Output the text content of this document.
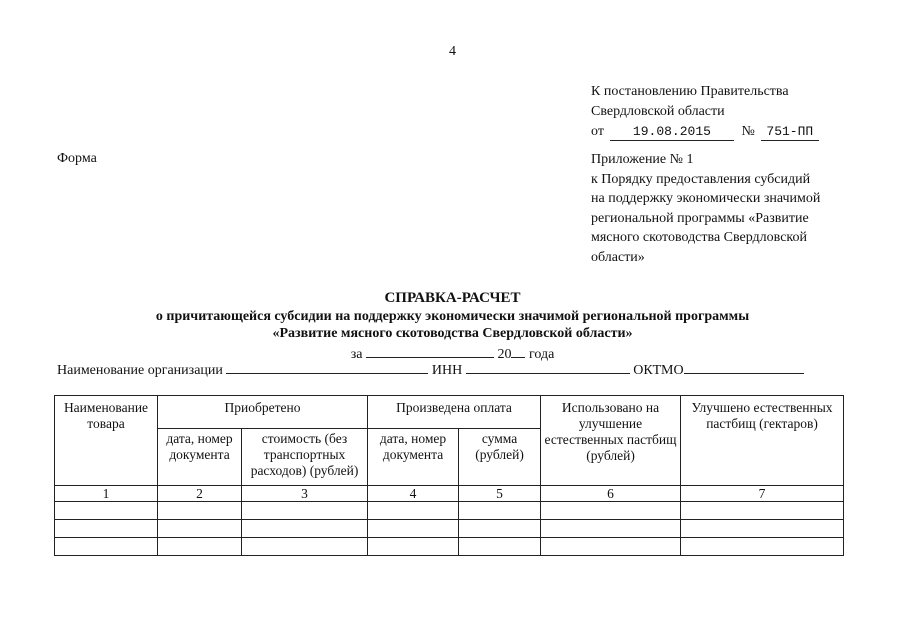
4
К постановлению Правительства
Свердловской области
от 19.08.2015 № 751-ПП
Форма	Приложение № 1
к Порядку предоставления субсидий
на поддержку экономически значимой
региональной программы «Развитие
мясного скотоводства Свердловской
области»
СПРАВКА-РАСЧЕТ
о причитающейся субсидии на поддержку экономически значимой региональной программы
«Развитие мясного скотоводства Свердловской области»
за	20 года
Наименование организации	ИНН	ОКТМО
Наименование товара	Приобретено		Произведена оплата		Использовано на улучшение естественных пастбищ (рублей)	Улучшено естественных пастбищ (гектаров)
	дата, номер документа	стоимость (без транспортных расходов) (рублей)	дата, номер документа	сумма (рублей)		
1	2	3	4	5	6	7
